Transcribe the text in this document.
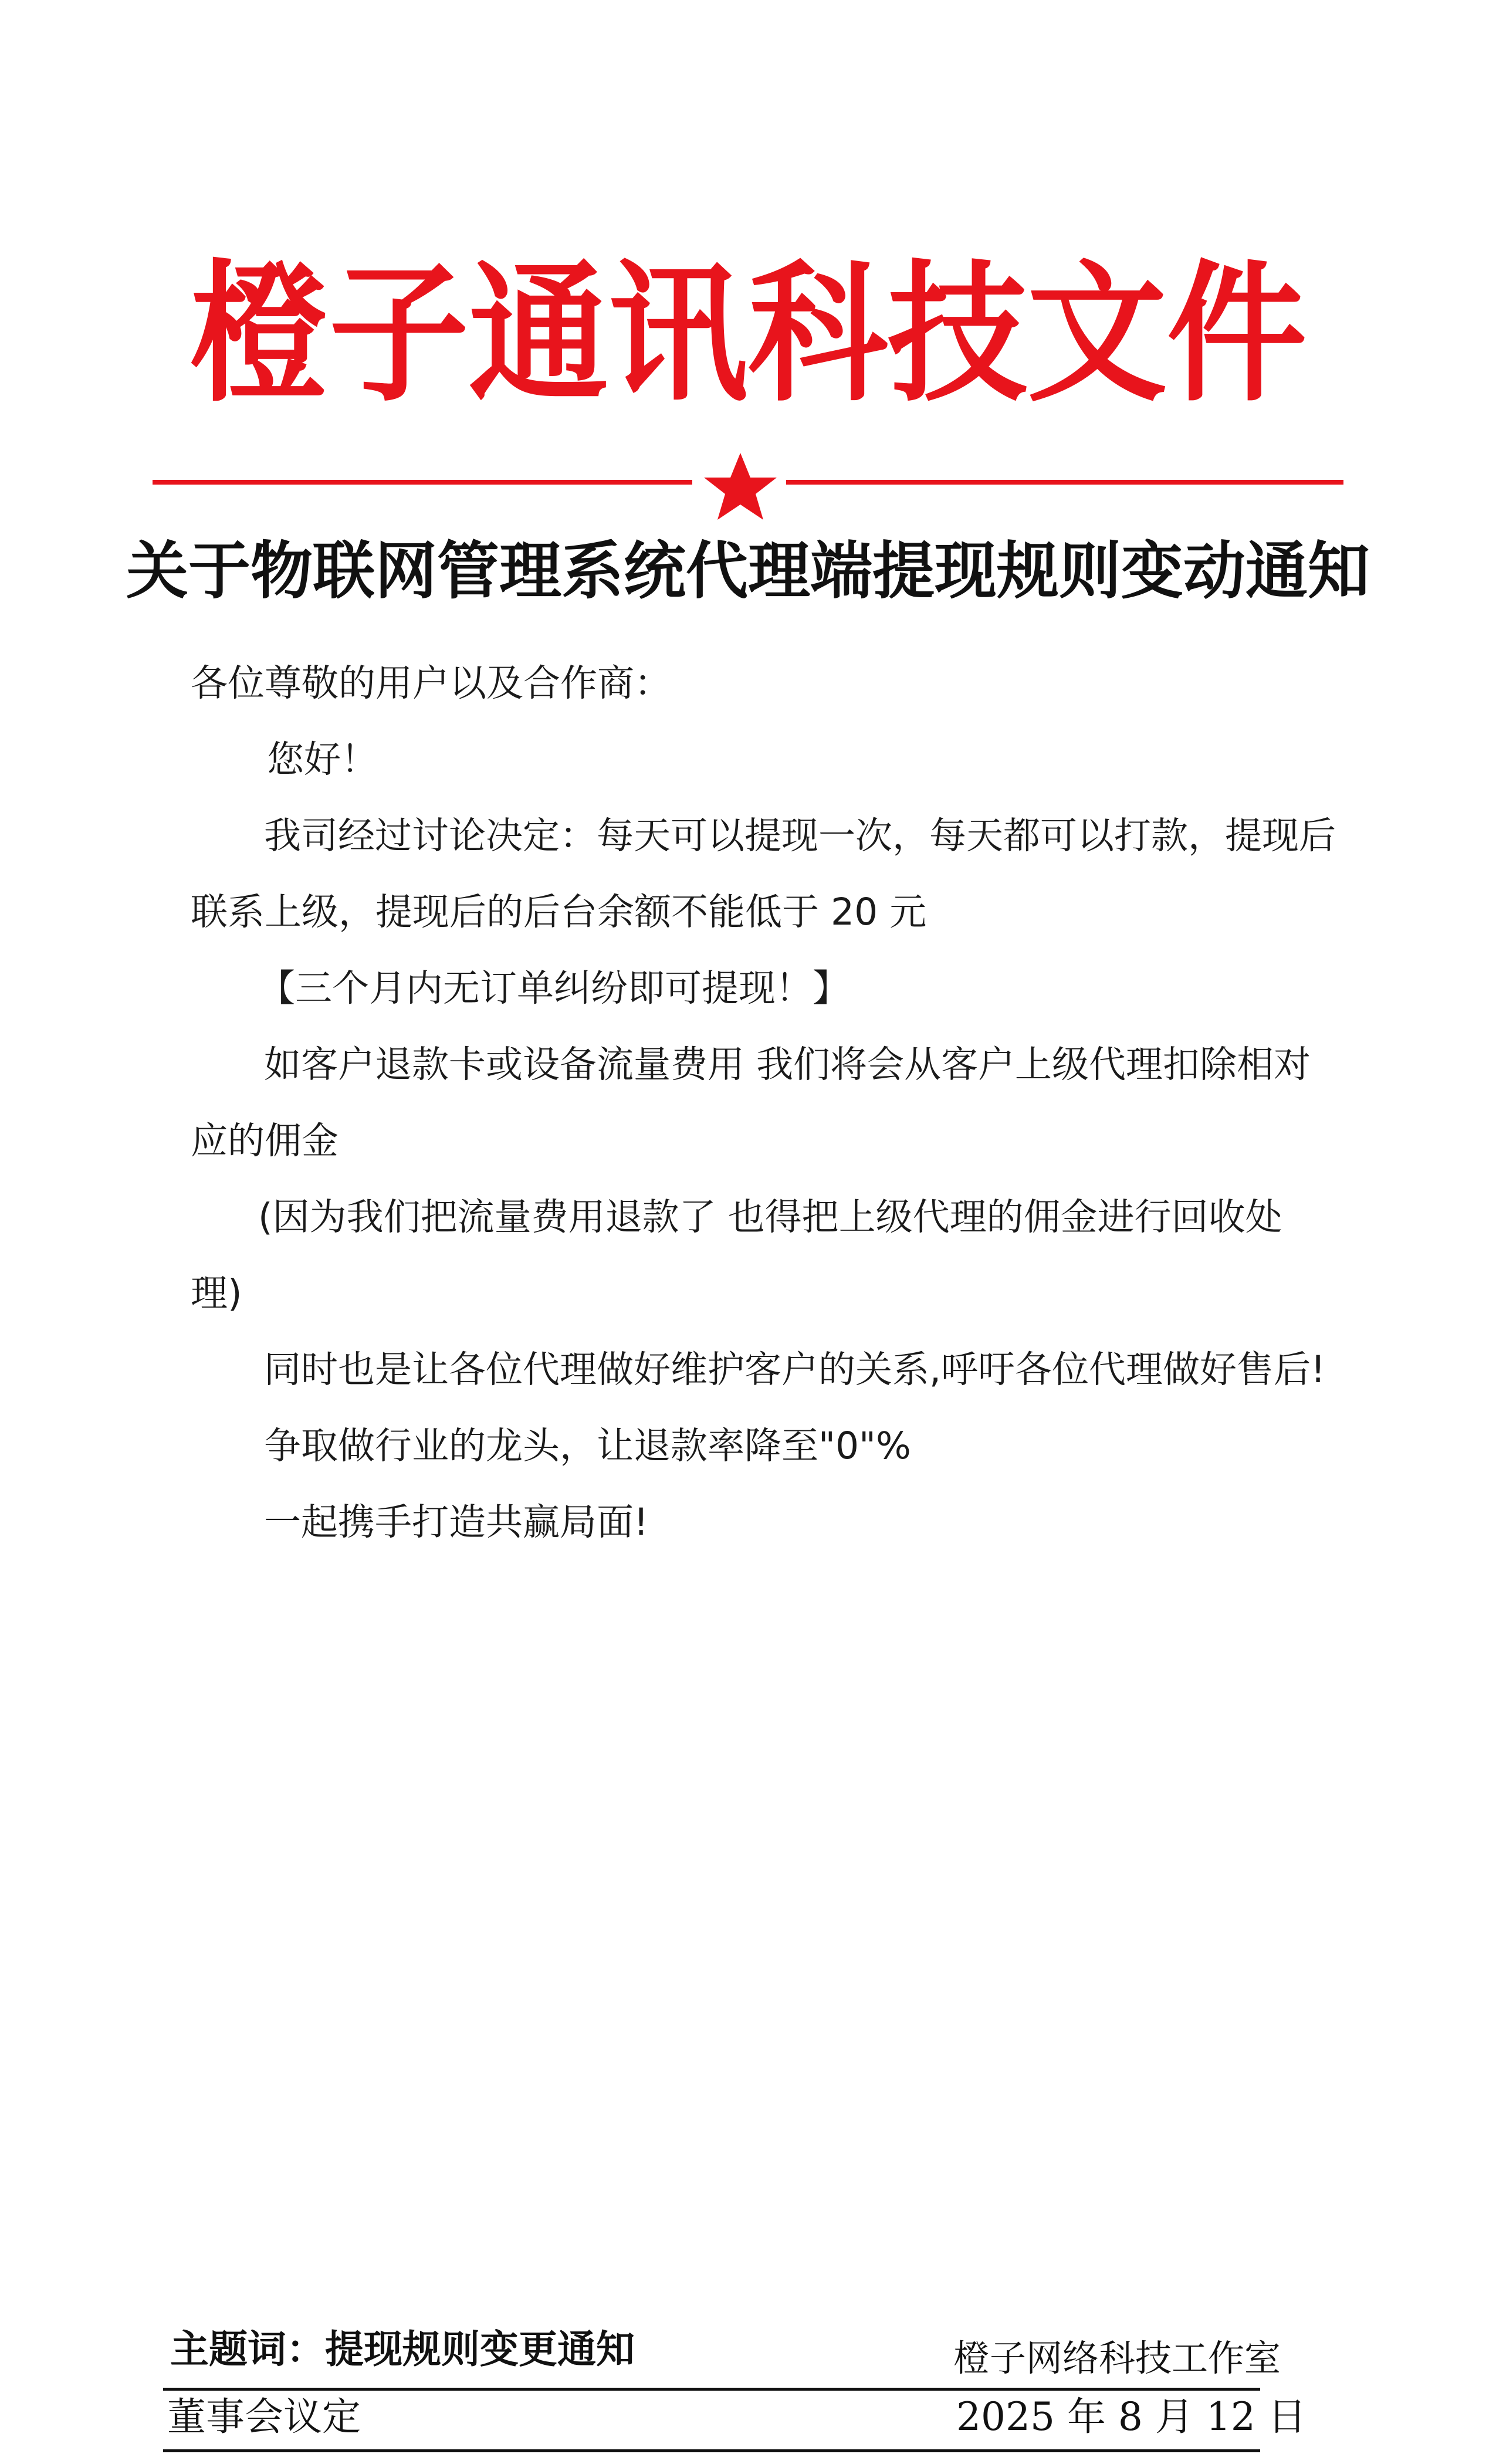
橙子通讯科技文件
关于物联网管理系统代理端提现规则变动通知
各位尊敬的用户以及合作商：
您好！
我司经过讨论决定：每天可以提现一次，每天都可以打款，提现后
联系上级，提现后的后台余额不能低于 20 元
【三个月内无订单纠纷即可提现！】
如客户退款卡或设备流量费用 我们将会从客户上级代理扣除相对
应的佣金
(因为我们把流量费用退款了 也得把上级代理的佣金进行回收处
理)
同时也是让各位代理做好维护客户的关系,呼吁各位代理做好售后!
争取做行业的龙头，让退款率降至"0"%
一起携手打造共赢局面!
主题词：提现规则变更通知	橙子网络科技工作室
董事会议定	2025 年 8 月 12 日
